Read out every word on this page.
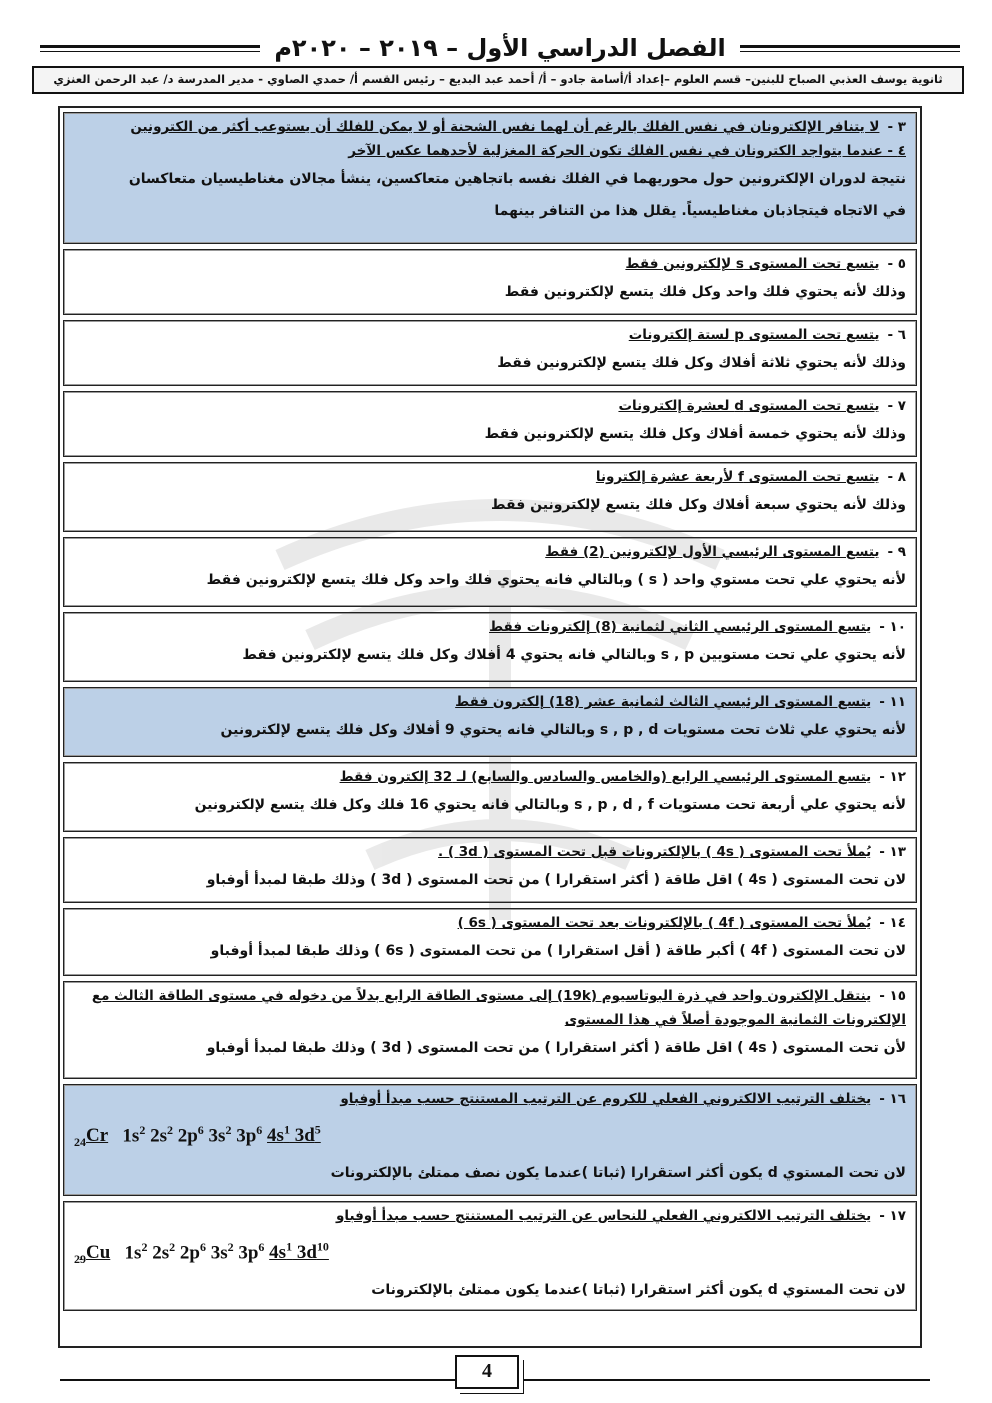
الفصل الدراسي الأول – ٢٠١٩ – ٢٠٢٠م
ثانوية يوسف العذبي الصباح للبنين– قسم العلوم –إعداد أ/أسامة جادو – أ/ أحمد عبد البديع – رئيس القسم أ/ حمدي الصاوي - مدير المدرسة د/ عبد الرحمن العنزي
٣ -لا يتنافر الإلكترونان في نفس الفلك بالرغم أن لهما نفس الشحنة أو لا يمكن للفلك أن يستوعب أكثر من الكترونين
٤ - عندما يتواجد الكترونان في نفس الفلك تكون الحركة المغزلية لأحدهما عكس الآخر
نتيجة لدوران الإلكترونين حول محوريهما في الفلك نفسه باتجاهين متعاكسين، ينشأ مجالان مغناطيسيان متعاكسان
في الاتجاه فيتجاذبان مغناطيسياً. يقلل هذا من التنافر بينهما
٥ -يتسع تحت المستوى s لإلكترونين فقط
وذلك لأنه يحتوي فلك واحد وكل فلك يتسع لإلكترونين فقط
٦ -يتسع تحت المستوى p لستة إلكترونات
وذلك لأنه يحتوي ثلاثة أفلاك وكل فلك يتسع لإلكترونين فقط
٧ -يتسع تحت المستوى d لعشرة إلكترونات
وذلك لأنه يحتوي خمسة أفلاك وكل فلك يتسع لإلكترونين فقط
٨ -يتسع تحت المستوى f لأربعة عشرة إلكترونا
وذلك لأنه يحتوي سبعة أفلاك وكل فلك يتسع لإلكترونين فقط
٩ -يتسع المستوى الرئيسي الأول لإلكترونين (2) فقط
لأنه يحتوي علي تحت مستوي واحد ( s ) وبالتالي فانه يحتوي فلك واحد وكل فلك يتسع لإلكترونين فقط
١٠ -يتسع المستوى الرئيسي الثاني لثمانية (8) إلكترونات فقط
لأنه يحتوي علي تحت مستويين s , p وبالتالي فانه يحتوي 4 أفلاك وكل فلك يتسع لإلكترونين فقط
١١ -يتسع المستوى الرئيسي الثالث لثمانية عشر (18) إلكترون فقط
لأنه يحتوي علي ثلاث تحت مستويات s , p , d وبالتالي فانه يحتوي 9 أفلاك وكل فلك يتسع لإلكترونين
١٢ -يتسع المستوى الرئيسي الرابع (والخامس والسادس والسابع) لـ 32 إلكترون فقط
لأنه يحتوي علي أربعة تحت مستويات s , p , d , f وبالتالي فانه يحتوي 16 فلك وكل فلك يتسع لإلكترونين
١٣ -يُملأ تحت المستوى ( 4s ) بالإلكترونات قبل تحت المستوى ( 3d ) .
لان تحت المستوى ( 4s ) اقل طاقة ( أكثر استقرارا ) من تحت المستوى ( 3d ) وذلك طبقا لمبدأ أوفباو
١٤ -يُملأ تحت المستوى ( 4f ) بالإلكترونات بعد تحت المستوى ( 6s )
لان تحت المستوى ( 4f ) أكبر طاقة ( أقل استقرارا ) من تحت المستوى ( 6s ) وذلك طبقا لمبدأ أوفباو
١٥ -ينتقل الإلكترون واحد في ذرة البوتاسيوم (19k) إلى مستوى الطاقة الرابع بدلاً من دخوله في مستوى الطاقة الثالث مع
الإلكترونات الثمانية الموجودة أصلاً في هذا المستوى
لأن تحت المستوى ( 4s ) اقل طاقة ( أكثر استقرارا ) من تحت المستوى ( 3d ) وذلك طبقا لمبدأ أوفباو
١٦ -يختلف الترتيب الالكتروني الفعلي للكروم عن الترتيب المستنتج حسب مبدأ أوفباو
$_{24}$Cr   $1s^2$ $2s^2$ $2p^6$ $3s^2$ $3p^6$ $4s^1$ $3d^5$
لان تحت المستوي d يكون أكثر استقرارا (ثباتا )عندما يكون نصف ممتلئ بالإلكترونات
١٧ -يختلف الترتيب الالكتروني الفعلي للنحاس عن الترتيب المستنتج حسب مبدأ أوفباو
$_{29}$Cu   $1s^2$ $2s^2$ $2p^6$ $3s^2$ $3p^6$ $4s^1$ $3d^{10}$
لان تحت المستوي d يكون أكثر استقرارا (ثباتا )عندما يكون ممتلئ بالإلكترونات
4
